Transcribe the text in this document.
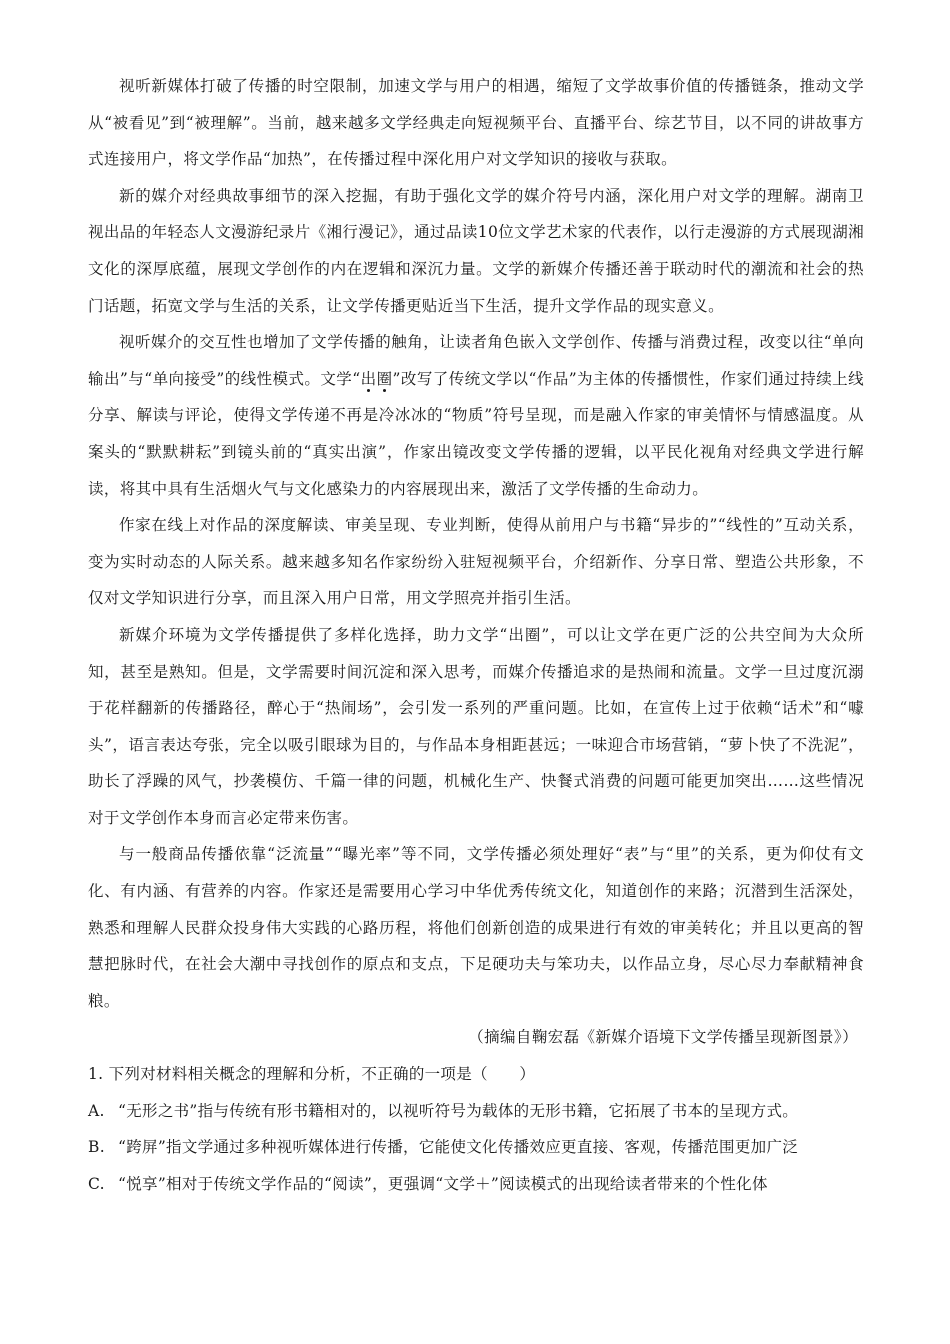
视听新媒体打破了传播的时空限制，加速文学与用户的相遇，缩短了文学故事价值的传播链条，推动文学从“被看见”到“被理解”。当前，越来越多文学经典走向短视频平台、直播平台、综艺节目，以不同的讲故事方式连接用户，将文学作品“加热”，在传播过程中深化用户对文学知识的接收与获取。

新的媒介对经典故事细节的深入挖掘，有助于强化文学的媒介符号内涵，深化用户对文学的理解。湖南卫视出品的年轻态人文漫游纪录片《湘行漫记》，通过品读10位文学艺术家的代表作，以行走漫游的方式展现湖湘文化的深厚底蕴，展现文学创作的内在逻辑和深沉力量。文学的新媒介传播还善于联动时代的潮流和社会的热门话题，拓宽文学与生活的关系，让文学传播更贴近当下生活，提升文学作品的现实意义。

视听媒介的交互性也增加了文学传播的触角，让读者角色嵌入文学创作、传播与消费过程，改变以往“单向输出”与“单向接受”的线性模式。文学“出圈”改写了传统文学以“作品”为主体的传播惯性，作家们通过持续上线分享、解读与评论，使得文学传递不再是冷冰冰的“物质”符号呈现，而是融入作家的审美情怀与情感温度。从案头的“默默耕耘”到镜头前的“真实出演”，作家出镜改变文学传播的逻辑，以平民化视角对经典文学进行解读，将其中具有生活烟火气与文化感染力的内容展现出来，激活了文学传播的生命动力。

作家在线上对作品的深度解读、审美呈现、专业判断，使得从前用户与书籍“异步的”“线性的”互动关系，变为实时动态的人际关系。越来越多知名作家纷纷入驻短视频平台，介绍新作、分享日常、塑造公共形象，不仅对文学知识进行分享，而且深入用户日常，用文学照亮并指引生活。

新媒介环境为文学传播提供了多样化选择，助力文学“出圈”，可以让文学在更广泛的公共空间为大众所知，甚至是熟知。但是，文学需要时间沉淀和深入思考，而媒介传播追求的是热闹和流量。文学一旦过度沉溺于花样翻新的传播路径，醉心于“热闹场”，会引发一系列的严重问题。比如，在宣传上过于依赖“话术”和“噱头”，语言表达夸张，完全以吸引眼球为目的，与作品本身相距甚远；一味迎合市场营销，“萝卜快了不洗泥”，助长了浮躁的风气，抄袭模仿、千篇一律的问题，机械化生产、快餐式消费的问题可能更加突出……这些情况对于文学创作本身而言必定带来伤害。

与一般商品传播依靠“泛流量”“曝光率”等不同，文学传播必须处理好“表”与“里”的关系，更为仰仗有文化、有内涵、有营养的内容。作家还是需要用心学习中华优秀传统文化，知道创作的来路；沉潜到生活深处，熟悉和理解人民群众投身伟大实践的心路历程，将他们创新创造的成果进行有效的审美转化；并且以更高的智慧把脉时代，在社会大潮中寻找创作的原点和支点，下足硬功夫与笨功夫，以作品立身，尽心尽力奉献精神食粮。

（摘编自鞠宏磊《新媒介语境下文学传播呈现新图景》）

1. 下列对材料相关概念的理解和分析，不正确的一项是（　　）

A. “无形之书”指与传统有形书籍相对的，以视听符号为载体的无形书籍，它拓展了书本的呈现方式。

B. “跨屏”指文学通过多种视听媒体进行传播，它能使文化传播效应更直接、客观，传播范围更加广泛

C. “悦享”相对于传统文学作品的“阅读”，更强调“文学＋”阅读模式的出现给读者带来的个性化体
